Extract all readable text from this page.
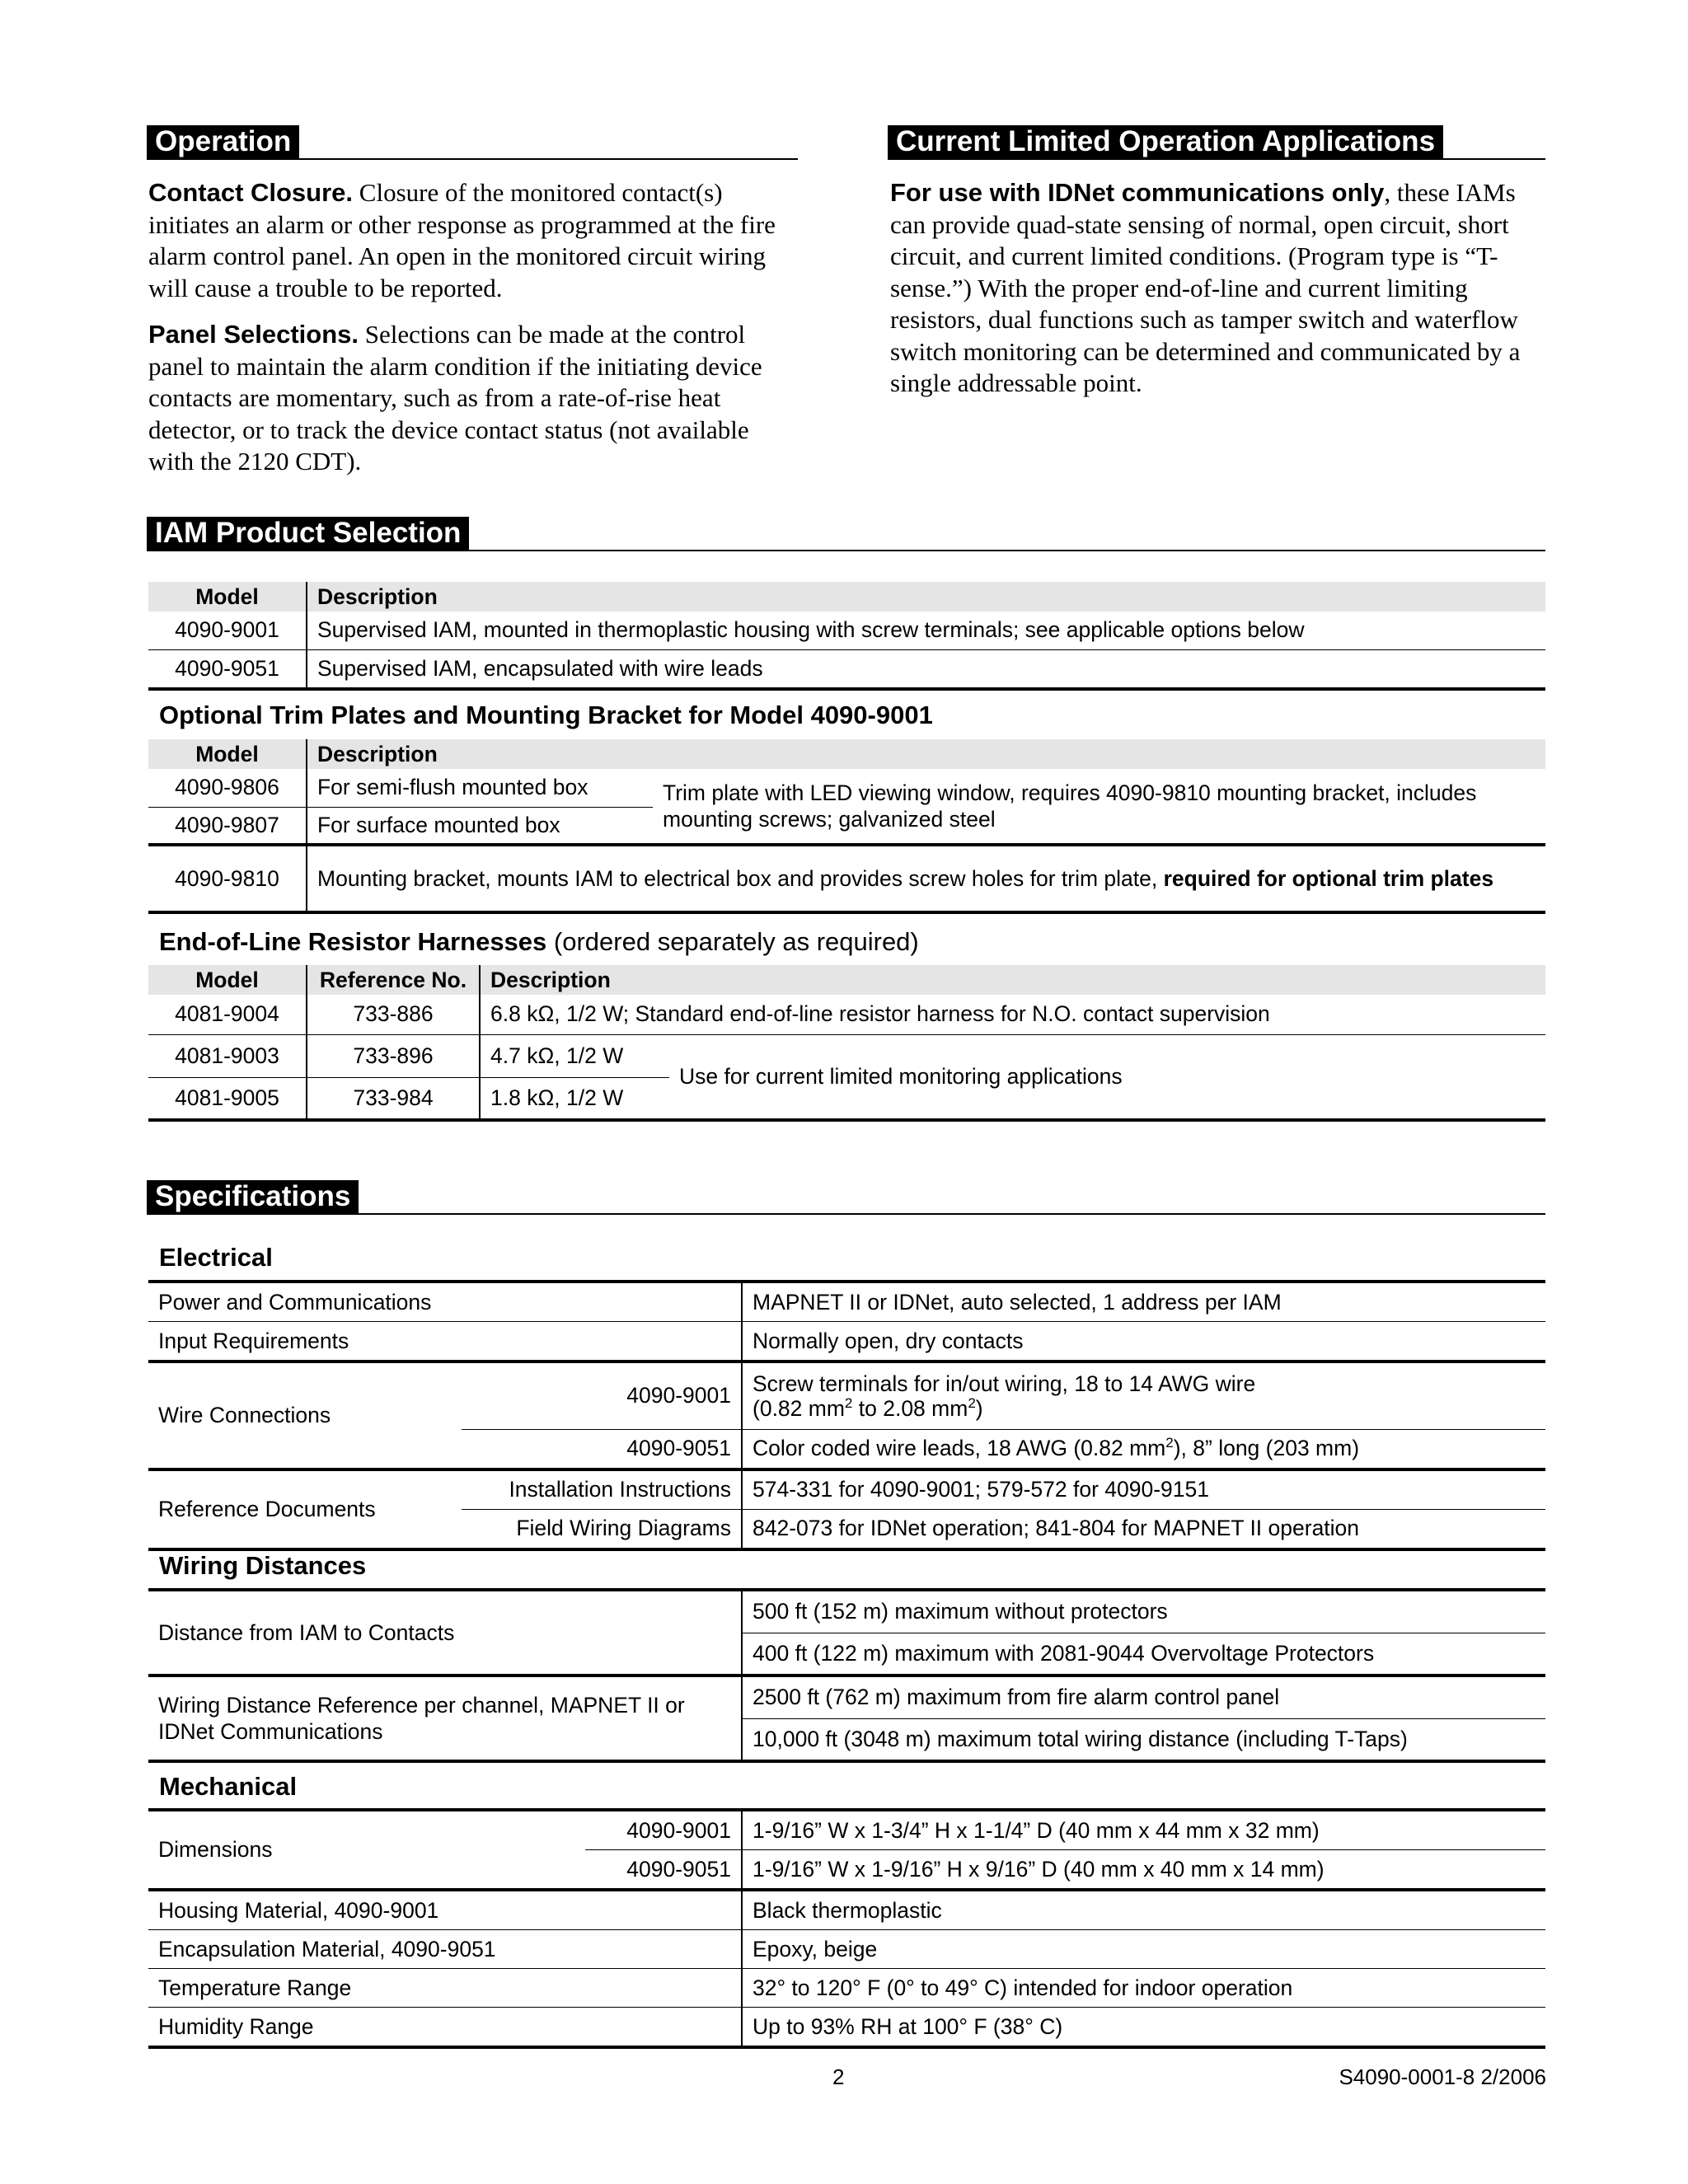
Operation

Contact Closure. Closure of the monitored contact(s) initiates an alarm or other response as programmed at the fire alarm control panel. An open in the monitored circuit wiring will cause a trouble to be reported.

Panel Selections. Selections can be made at the control panel to maintain the alarm condition if the initiating device contacts are momentary, such as from a rate-of-rise heat detector, or to track the device contact status (not available with the 2120 CDT).

Current Limited Operation Applications

For use with IDNet communications only, these IAMs can provide quad-state sensing of normal, open circuit, short circuit, and current limited conditions. (Program type is “T-sense.”) With the proper end-of-line and current limiting resistors, dual functions such as tamper switch and waterflow switch monitoring can be determined and communicated by a single addressable point.

IAM Product Selection
Model	Description
4090-9001	Supervised IAM, mounted in thermoplastic housing with screw terminals; see applicable options below
4090-9051	Supervised IAM, encapsulated with wire leads
Optional Trim Plates and Mounting Bracket for Model 4090-9001
Model	Description	
4090-9806	For semi-flush mounted box	Trim plate with LED viewing window, requires 4090-9810 mounting bracket, includes mounting screws; galvanized steel
4090-9807	For surface mounted box	
4090-9810	Mounting bracket, mounts IAM to electrical box and provides screw holes for trim plate, required for optional trim plates	
End-of-Line Resistor Harnesses (ordered separately as required)
Model	Reference No.	Description	
4081-9004	733-886	6.8 kΩ, 1/2 W; Standard end-of-line resistor harness for N.O. contact supervision	
4081-9003	733-896	4.7 kΩ, 1/2 W	Use for current limited monitoring applications
4081-9005	733-984	1.8 kΩ, 1/2 W	
Specifications
Electrical
Power and Communications		MAPNET II or IDNet, auto selected, 1 address per IAM
Input Requirements		Normally open, dry contacts
Wire Connections	4090-9001	Screw terminals for in/out wiring, 18 to 14 AWG wire
(0.82 $mm^2$ to 2.08 $mm^2$)
	4090-9051	Color coded wire leads, 18 AWG (0.82 $mm^2$), 8” long (203 mm)
Reference Documents	Installation Instructions	574-331 for 4090-9001; 579-572 for 4090-9151
	Field Wiring Diagrams	842-073 for IDNet operation; 841-804 for MAPNET II operation
Wiring Distances
Distance from IAM to Contacts	500 ft (152 m) maximum without protectors
	400 ft (122 m) maximum with 2081-9044 Overvoltage Protectors
Wiring Distance Reference per channel, MAPNET II or IDNet Communications	2500 ft (762 m) maximum from fire alarm control panel
	10,000 ft (3048 m) maximum total wiring distance (including T-Taps)
Mechanical
Dimensions	4090-9001	1-9/16” W x 1-3/4” H x 1-1/4” D (40 mm x 44 mm x 32 mm)
	4090-9051	1-9/16” W x 1-9/16” H x 9/16” D (40 mm x 40 mm x 14 mm)
Housing Material, 4090-9001		Black thermoplastic
Encapsulation Material, 4090-9051		Epoxy, beige
Temperature Range		32° to 120° F (0° to 49° C) intended for indoor operation
Humidity Range		Up to 93% RH at 100° F (38° C)
2	S4090-0001-8 2/2006
